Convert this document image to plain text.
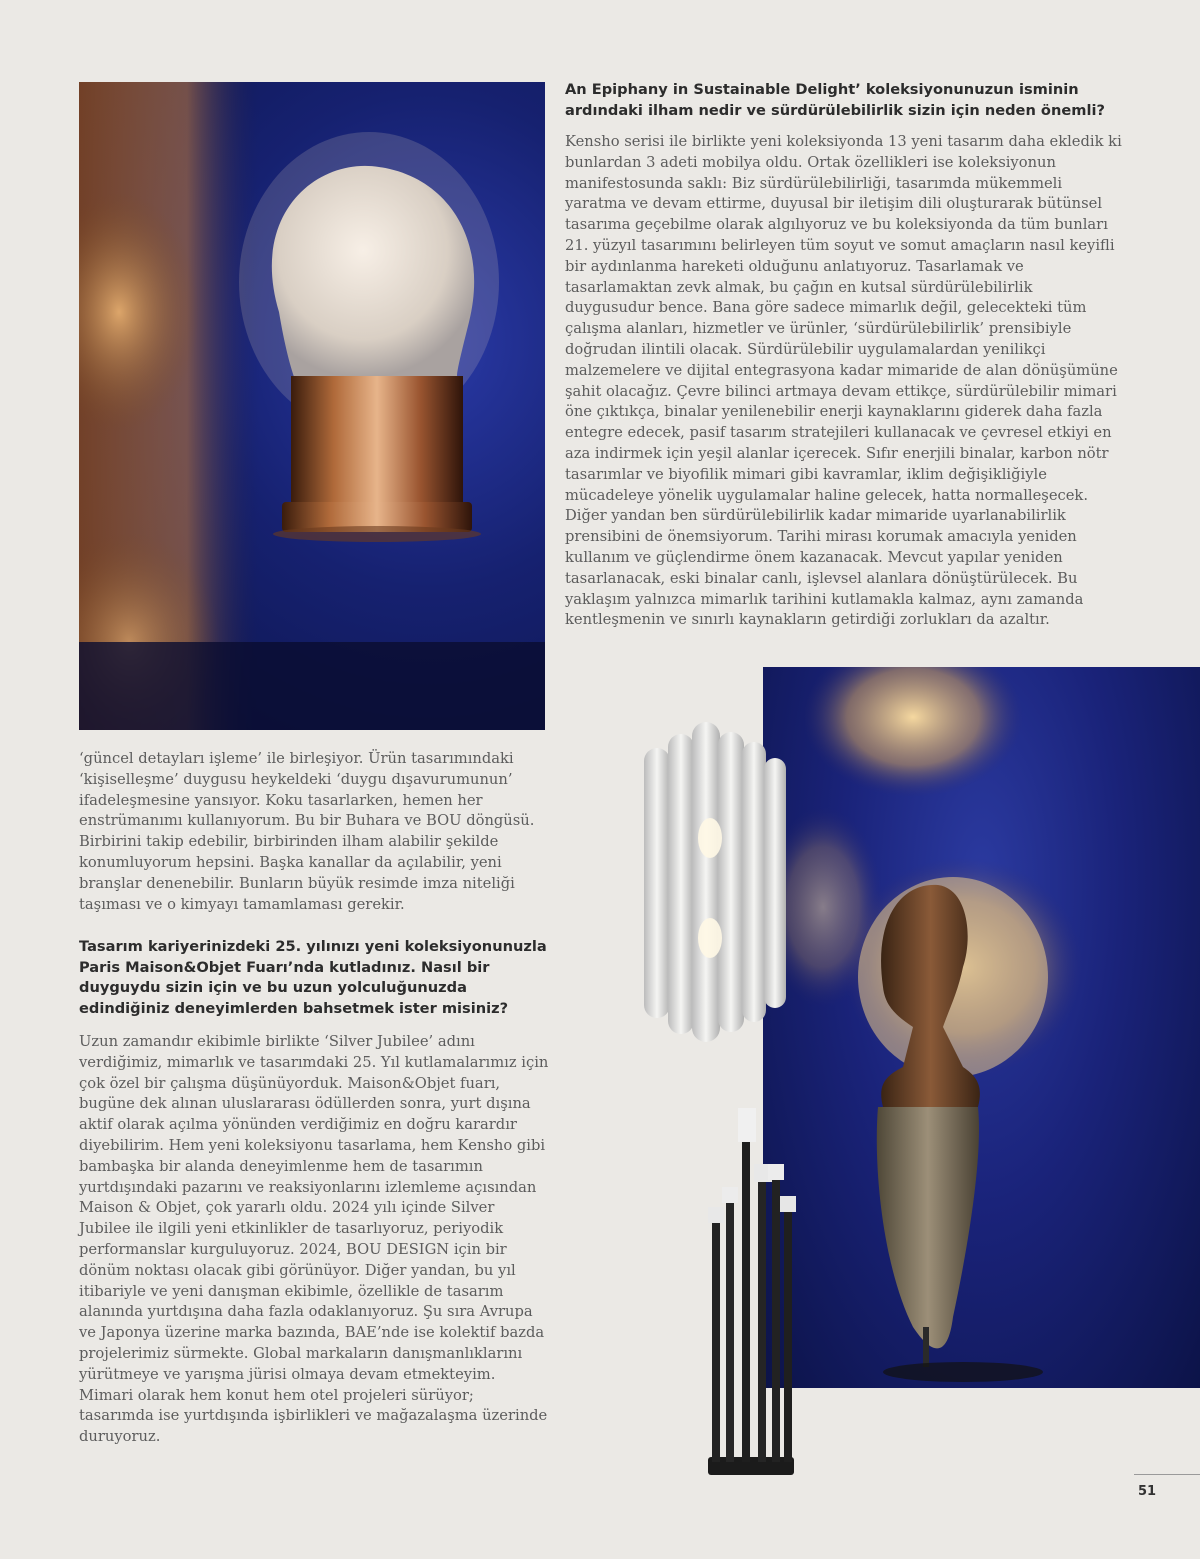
An Epiphany in Sustainable Delight’ koleksiyonunuzun isminin ardındaki ilham nedir ve sürdürülebilirlik sizin için neden önemli?

Kensho serisi ile birlikte yeni koleksiyonda 13 yeni tasarım daha ekledik ki bunlardan 3 adeti mobilya oldu. Ortak özellikleri ise koleksiyonun manifestosunda saklı: Biz sürdürülebilirliği, tasarımda mükemmeli yaratma ve devam ettirme, duyusal bir iletişim dili oluşturarak bütünsel tasarıma geçebilme olarak algılıyoruz ve bu koleksiyonda da tüm bunları 21. yüzyıl tasarımını belirleyen tüm soyut ve somut amaçların nasıl keyifli bir aydınlanma hareketi olduğunu anlatıyoruz. Tasarlamak ve tasarlamaktan zevk almak, bu çağın en kutsal sürdürülebilirlik duygusudur bence. Bana göre sadece mimarlık değil, gelecekteki tüm çalışma alanları, hizmetler ve ürünler, ‘sürdürülebilirlik’ prensibiyle doğrudan ilintili olacak. Sürdürülebilir uygulamalardan yenilikçi malzemelere ve dijital entegrasyona kadar mimaride de alan dönüşümüne şahit olacağız. Çevre bilinci artmaya devam ettikçe, sürdürülebilir mimari öne çıktıkça, binalar yenilenebilir enerji kaynaklarını giderek daha fazla entegre edecek, pasif tasarım stratejileri kullanacak ve çevresel etkiyi en aza indirmek için yeşil alanlar içerecek. Sıfır enerjili binalar, karbon nötr tasarımlar ve biyofilik mimari gibi kavramlar, iklim değişikliğiyle mücadeleye yönelik uygulamalar haline gelecek, hatta normalleşecek. Diğer yandan ben sürdürülebilirlik kadar mimaride uyarlanabilirlik prensibini de önemsiyorum. Tarihi mirası korumak amacıyla yeniden kullanım ve güçlendirme önem kazanacak. Mevcut yapılar yeniden tasarlanacak, eski binalar canlı, işlevsel alanlara dönüştürülecek. Bu yaklaşım yalnızca mimarlık tarihini kutlamakla kalmaz, aynı zamanda kentleşmenin ve sınırlı kaynakların getirdiği zorlukları da azaltır.

‘güncel detayları işleme’ ile birleşiyor. Ürün tasarımındaki ‘kişiselleşme’ duygusu heykeldeki ‘duygu dışavurumunun’ ifadeleşmesine yansıyor. Koku tasarlarken, hemen her enstrümanımı kullanıyorum. Bu bir Buhara ve BOU döngüsü. Birbirini takip edebilir, birbirinden ilham alabilir şekilde konumluyorum hepsini. Başka kanallar da açılabilir, yeni branşlar denenebilir. Bunların büyük resimde imza niteliği taşıması ve o kimyayı tamamlaması gerekir.

Tasarım kariyerinizdeki 25. yılınızı yeni koleksiyonunuzla Paris Maison&Objet Fuarı’nda kutladınız. Nasıl bir duyguydu sizin için ve bu uzun yolculuğunuzda edindiğiniz deneyimlerden bahsetmek ister misiniz?

Uzun zamandır ekibimle birlikte ‘Silver Jubilee’ adını verdiğimiz, mimarlık ve tasarımdaki 25. Yıl kutlamalarımız için çok özel bir çalışma düşünüyorduk. Maison&Objet fuarı, bugüne dek alınan uluslararası ödüllerden sonra, yurt dışına aktif olarak açılma yönünden verdiğimiz en doğru karardır diyebilirim. Hem yeni koleksiyonu tasarlama, hem Kensho gibi bambaşka bir alanda deneyimlenme hem de tasarımın yurtdışındaki pazarını ve reaksiyonlarını izlemleme açısından Maison & Objet, çok yararlı oldu. 2024 yılı içinde Silver Jubilee ile ilgili yeni etkinlikler de tasarlıyoruz, periyodik performanslar kurguluyoruz. 2024, BOU DESIGN için bir dönüm noktası olacak gibi görünüyor. Diğer yandan, bu yıl itibariyle ve yeni danışman ekibimle, özellikle de tasarım alanında yurtdışına daha fazla odaklanıyoruz. Şu sıra Avrupa ve Japonya üzerine marka bazında, BAE’nde ise kolektif bazda projelerimiz sürmekte. Global markaların danışmanlıklarını yürütmeye ve yarışma jürisi olmaya devam etmekteyim. Mimari olarak hem konut hem otel projeleri sürüyor; tasarımda ise yurtdışında işbirlikleri ve mağazalaşma üzerinde duruyoruz.

51
